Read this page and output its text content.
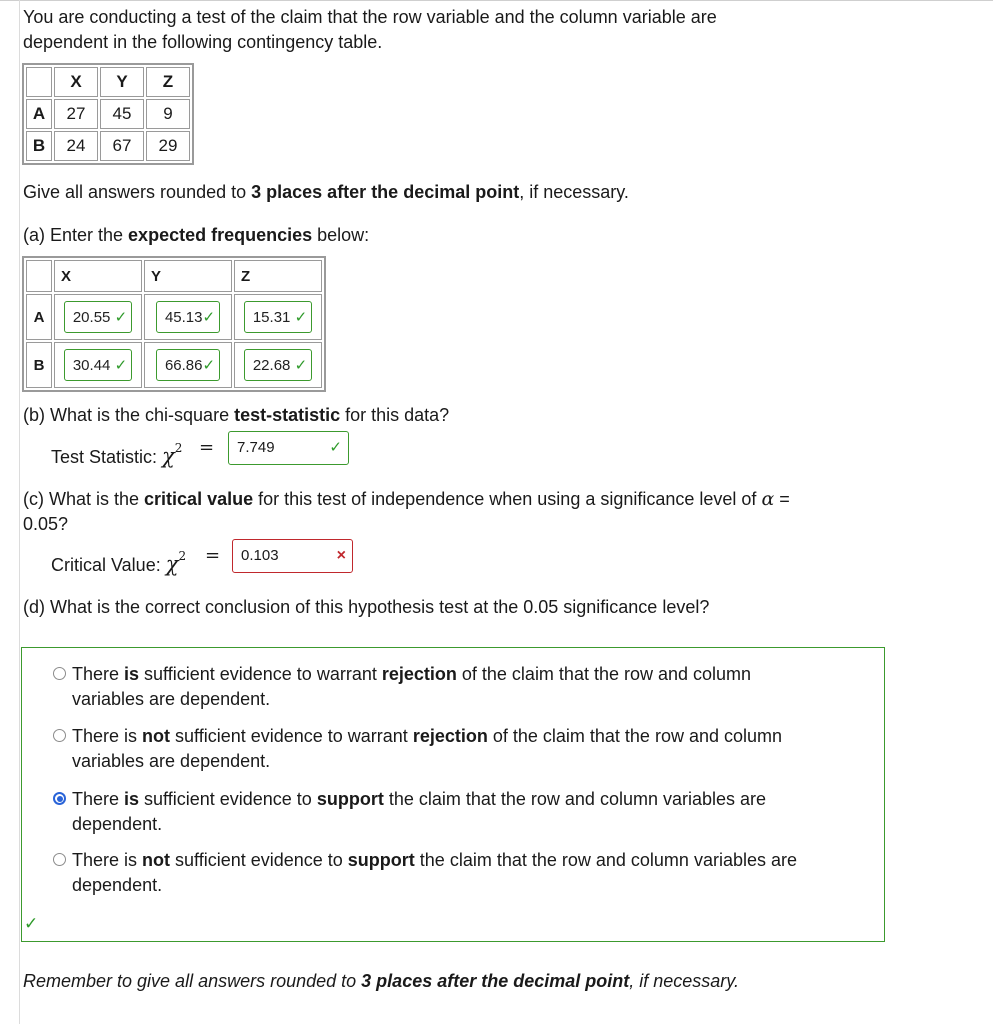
You are conducting a test of the claim that the row variable and the column variable are
dependent in the following contingency table.
	X	Y	Z
A	27	45	9
B	24	67	29
Give all answers rounded to 3 places after the decimal point, if necessary.
(a) Enter the expected frequencies below:
	X	Y	Z
A	20.55 ✓	45.13✓	15.31 ✓
B	30.44 ✓	66.86✓	22.68 ✓
(b) What is the chi-square test-statistic for this data?
Test Statistic: $\chi^2$ =	7.749	✓
(c) What is the critical value for this test of independence when using a significance level of α =
0.05?
Critical Value: $\chi^2$ =	0.103	×
(d) What is the correct conclusion of this hypothesis test at the 0.05 significance level?
There is sufficient evidence to warrant rejection of the claim that the row and column
variables are dependent.
There is not sufficient evidence to warrant rejection of the claim that the row and column
variables are dependent.
There is sufficient evidence to support the claim that the row and column variables are
dependent.
There is not sufficient evidence to support the claim that the row and column variables are
dependent.
✓
Remember to give all answers rounded to 3 places after the decimal point, if necessary.
